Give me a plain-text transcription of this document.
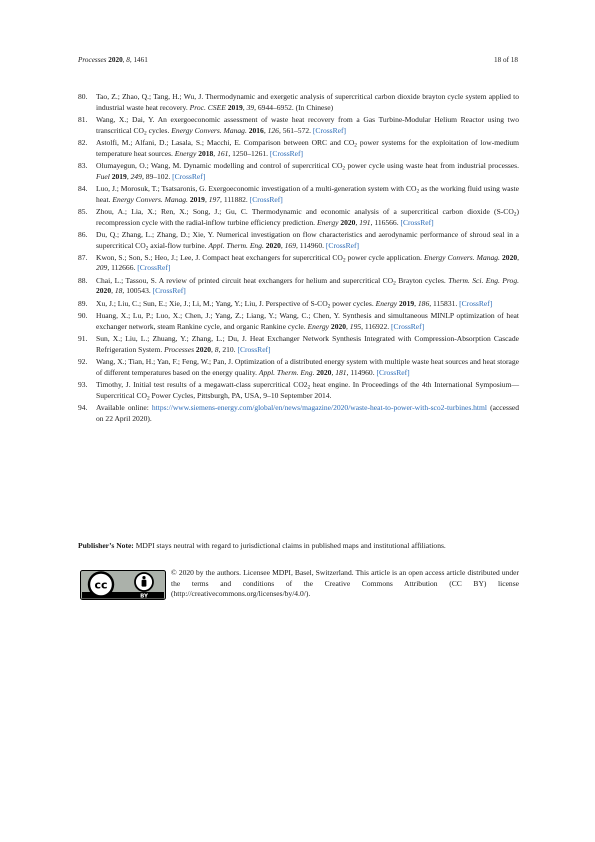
Processes 2020, 8, 1461	18 of 18
80. Tao, Z.; Zhao, Q.; Tang, H.; Wu, J. Thermodynamic and exergetic analysis of supercritical carbon dioxide brayton cycle system applied to industrial waste heat recovery. Proc. CSEE 2019, 39, 6944–6952. (In Chinese)
81. Wang, X.; Dai, Y. An exergoeconomic assessment of waste heat recovery from a Gas Turbine-Modular Helium Reactor using two transcritical $CO_2$ cycles. Energy Convers. Manag. 2016, 126, 561–572. [CrossRef]
82. Astolfi, M.; Alfani, D.; Lasala, S.; Macchi, E. Comparison between ORC and $CO_2$ power systems for the exploitation of low-medium temperature heat sources. Energy 2018, 161, 1250–1261. [CrossRef]
83. Olumayegun, O.; Wang, M. Dynamic modelling and control of supercritical $CO_2$ power cycle using waste heat from industrial processes. Fuel 2019, 249, 89–102. [CrossRef]
84. Luo, J.; Morosuk, T.; Tsatsaronis, G. Exergoeconomic investigation of a multi-generation system with $CO_2$ as the working fluid using waste heat. Energy Convers. Manag. 2019, 197, 111882. [CrossRef]
85. Zhou, A.; Lia, X.; Ren, X.; Song, J.; Gu, C. Thermodynamic and economic analysis of a supercritical carbon dioxide $(S-CO_2)$ recompression cycle with the radial-inflow turbine efficiency prediction. Energy 2020, 191, 116566. [CrossRef]
86. Du, Q.; Zhang, L.; Zhang, D.; Xie, Y. Numerical investigation on flow characteristics and aerodynamic performance of shroud seal in a supercritical $CO_2$ axial-flow turbine. Appl. Therm. Eng. 2020, 169, 114960. [CrossRef]
87. Kwon, S.; Son, S.; Heo, J.; Lee, J. Compact heat exchangers for supercritical $CO_2$ power cycle application. Energy Convers. Manag. 2020, 209, 112666. [CrossRef]
88. Chai, L.; Tassou, S. A review of printed circuit heat exchangers for helium and supercritical $CO_2$ Brayton cycles. Therm. Sci. Eng. Prog. 2020, 18, 100543. [CrossRef]
89. Xu, J.; Liu, C.; Sun, E.; Xie, J.; Li, M.; Yang, Y.; Liu, J. Perspective of $S-CO_2$ power cycles. Energy 2019, 186, 115831. [CrossRef]
90. Huang, X.; Lu, P.; Luo, X.; Chen, J.; Yang, Z.; Liang, Y.; Wang, C.; Chen, Y. Synthesis and simultaneous MINLP optimization of heat exchanger network, steam Rankine cycle, and organic Rankine cycle. Energy 2020, 195, 116922. [CrossRef]
91. Sun, X.; Liu, L.; Zhuang, Y.; Zhang, L.; Du, J. Heat Exchanger Network Synthesis Integrated with Compression-Absorption Cascade Refrigeration System. Processes 2020, 8, 210. [CrossRef]
92. Wang, X.; Tian, H.; Yan, F.; Feng, W.; Pan, J. Optimization of a distributed energy system with multiple waste heat sources and heat storage of different temperatures based on the energy quality. Appl. Therm. Eng. 2020, 181, 114960. [CrossRef]
93. Timothy, J. Initial test results of a megawatt-class supercritical $CO2_2$ heat engine. In Proceedings of the 4th International Symposium—Supercritical $CO_2$ Power Cycles, Pittsburgh, PA, USA, 9–10 September 2014.
94. Available online: https://www.siemens-energy.com/global/en/news/magazine/2020/waste-heat-to-power-with-sco2-turbines.html (accessed on 22 April 2020).
Publisher’s Note: MDPI stays neutral with regard to jurisdictional claims in published maps and institutional affiliations.
cc
BY
© 2020 by the authors. Licensee MDPI, Basel, Switzerland. This article is an open access article distributed under the terms and conditions of the Creative Commons Attribution (CC BY) license (http://creativecommons.org/licenses/by/4.0/).
